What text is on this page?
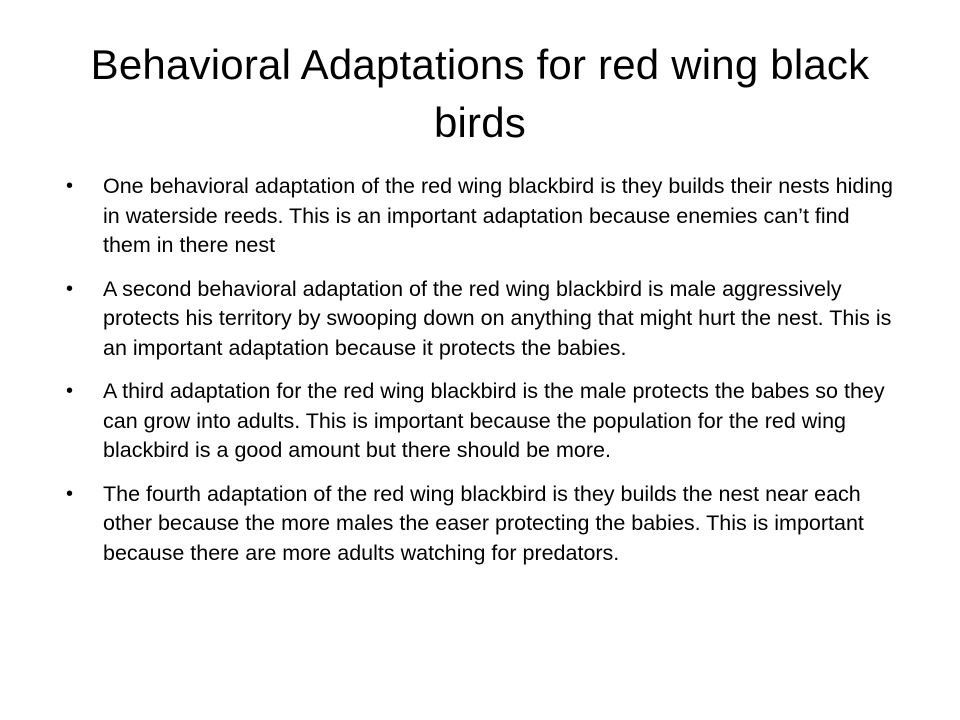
Behavioral Adaptations for red wing black birds
• One behavioral adaptation of the red wing blackbird is they builds their nests hiding in waterside reeds. This is an important adaptation because enemies can’t find them in there nest
• A second behavioral adaptation of the red wing blackbird is male aggressively protects his territory by swooping down on anything that might hurt the nest. This is an important adaptation because it protects the babies.
• A third adaptation for the red wing blackbird is the male protects the babes so they can grow into adults. This is important because the population for the red wing blackbird is a good amount but there should be more.
• The fourth adaptation of the red wing blackbird is they builds the nest near each other because the more males the easer protecting the babies. This is important because there are more adults watching for predators.
